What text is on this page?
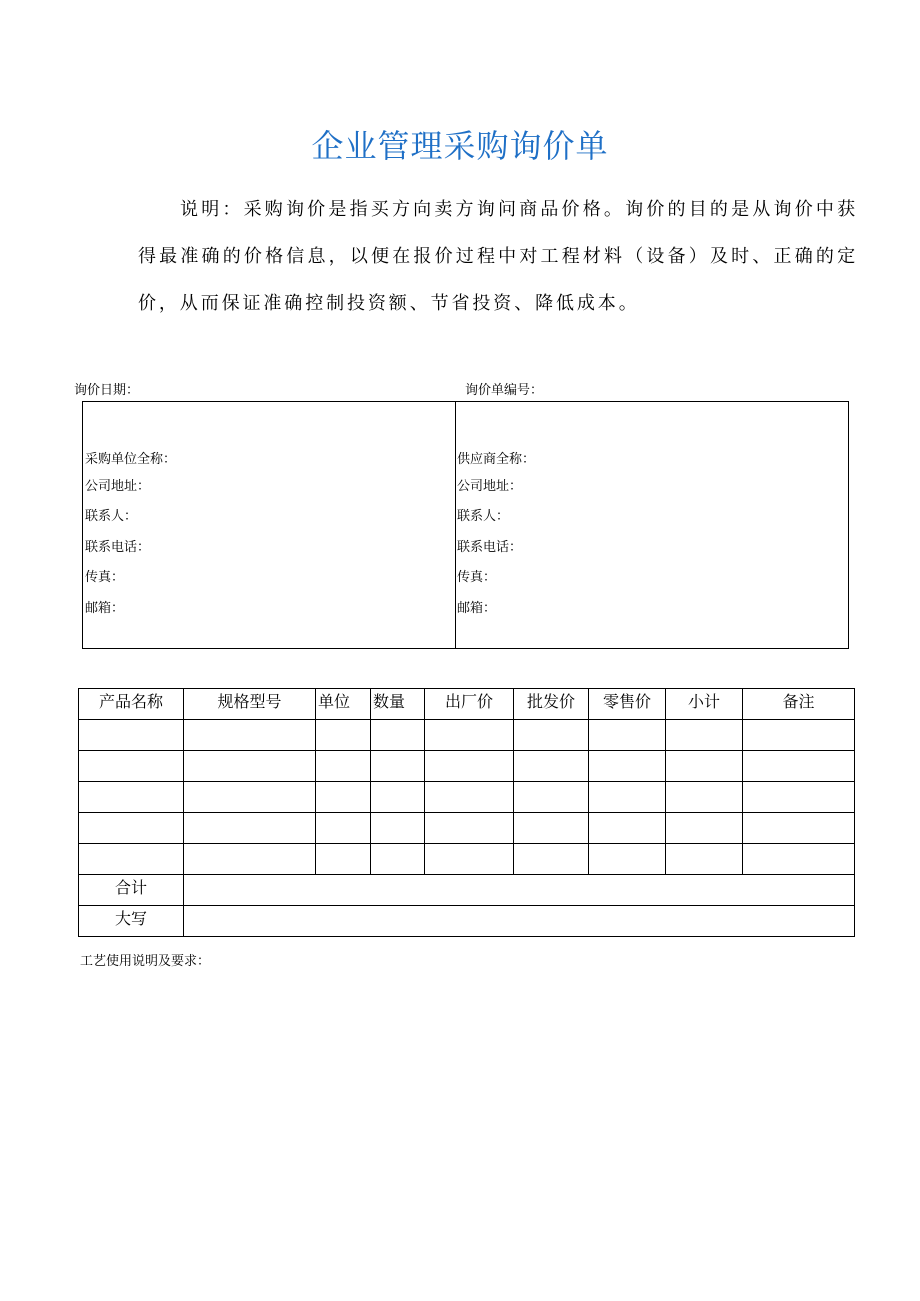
企业管理采购询价单

说明：采购询价是指买方向卖方询问商品价格。询价的目的是从询价中获得最准确的价格信息，以便在报价过程中对工程材料（设备）及时、正确的定价，从而保证准确控制投资额、节省投资、降低成本。

询价日期：	询价单编号：
采购单位全称：
公司地址：
联系人：
联系电话：
传真：
邮箱：
供应商全称：
公司地址：
联系人：
联系电话：
传真：
邮箱：
产品名称	规格型号	单位	数量	出厂价	批发价	零售价	小计	备注

合计								
大写								
工艺使用说明及要求：
